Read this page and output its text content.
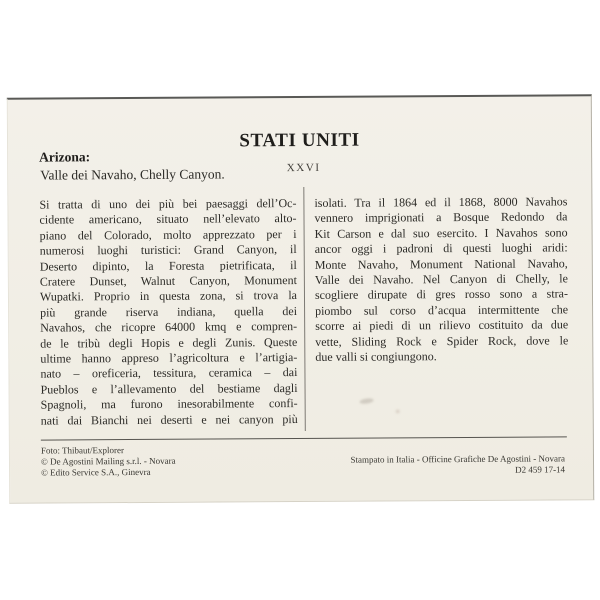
STATI UNITI
XXVI
Arizona:
Valle dei Navaho, Chelly Canyon.
Si tratta di uno dei più bei paesaggi dell’Oc-
cidente americano, situato nell’elevato alto-
piano del Colorado, molto apprezzato per i
numerosi luoghi turistici: Grand Canyon, il
Deserto dipinto, la Foresta pietrificata, il
Cratere Dunset, Walnut Canyon, Monument
Wupatki. Proprio in questa zona, si trova la
più grande riserva indiana, quella dei
Navahos, che ricopre 64000 kmq e compren-
de le tribù degli Hopis e degli Zunis. Queste
ultime hanno appreso l’agricoltura e l’artigia-
nato – oreficeria, tessitura, ceramica – dai
Pueblos e l’allevamento del bestiame dagli
Spagnoli, ma furono inesorabilmente confi-
nati dai Bianchi nei deserti e nei canyon più
isolati. Tra il 1864 ed il 1868, 8000 Navahos
vennero imprigionati a Bosque Redondo da
Kit Carson e dal suo esercito. I Navahos sono
ancor oggi i padroni di questi luoghi aridi:
Monte Navaho, Monument National Navaho,
Valle dei Navaho. Nel Canyon di Chelly, le
scogliere dirupate di gres rosso sono a stra-
piombo sul corso d’acqua intermittente che
scorre ai piedi di un rilievo costituito da due
vette, Sliding Rock e Spider Rock, dove le
due valli si congiungono.
Foto: Thibaut/Explorer
© De Agostini Mailing s.r.l. - Novara
© Edito Service S.A., Ginevra
Stampato in Italia - Officine Grafiche De Agostini - Novara
D2 459 17-14
